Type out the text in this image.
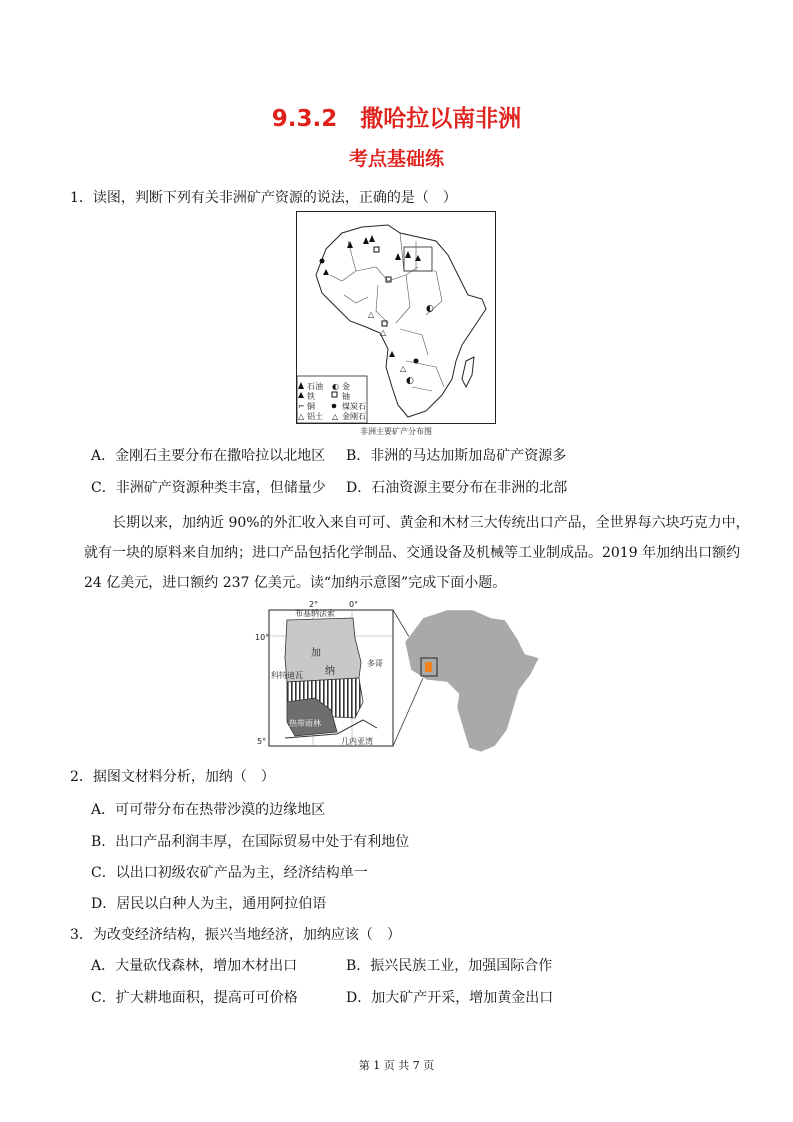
9.3.2　撒哈拉以南非洲
考点基础练
1．读图，判断下列有关非洲矿产资源的说法，正确的是（　）
◐
◐
△
△
△
石油 ◐ 金
铁	铀
⌐ 铜	煤炭石
△ 铝土 △ 金刚石
非洲主要矿产分布图
A．金刚石主要分布在撒哈拉以北地区 B．非洲的马达加斯加岛矿产资源多
C．非洲矿产资源种类丰富，但储量少 D．石油资源主要分布在非洲的北部
长期以来，加纳近 90%的外汇收入来自可可、黄金和木材三大传统出口产品，全世界每六块巧克力中，
就有一块的原料来自加纳；进口产品包括化学制品、交通设备及机械等工业制成品。2019 年加纳出口额约
24 亿美元，进口额约 237 亿美元。读“加纳示意图”完成下面小题。
2°	0°
10°
5°
布基纳法索
多哥
科特迪瓦
几内亚湾
热带雨林
加
纳
2．据图文材料分析，加纳（　）
A．可可带分布在热带沙漠的边缘地区
B．出口产品利润丰厚，在国际贸易中处于有利地位
C．以出口初级农矿产品为主，经济结构单一
D．居民以白种人为主，通用阿拉伯语
3．为改变经济结构，振兴当地经济，加纳应该（　）
A．大量砍伐森林，增加木材出口	B．振兴民族工业，加强国际合作
C．扩大耕地面积，提高可可价格	D．加大矿产开采，增加黄金出口
第 1 页 共 7 页
